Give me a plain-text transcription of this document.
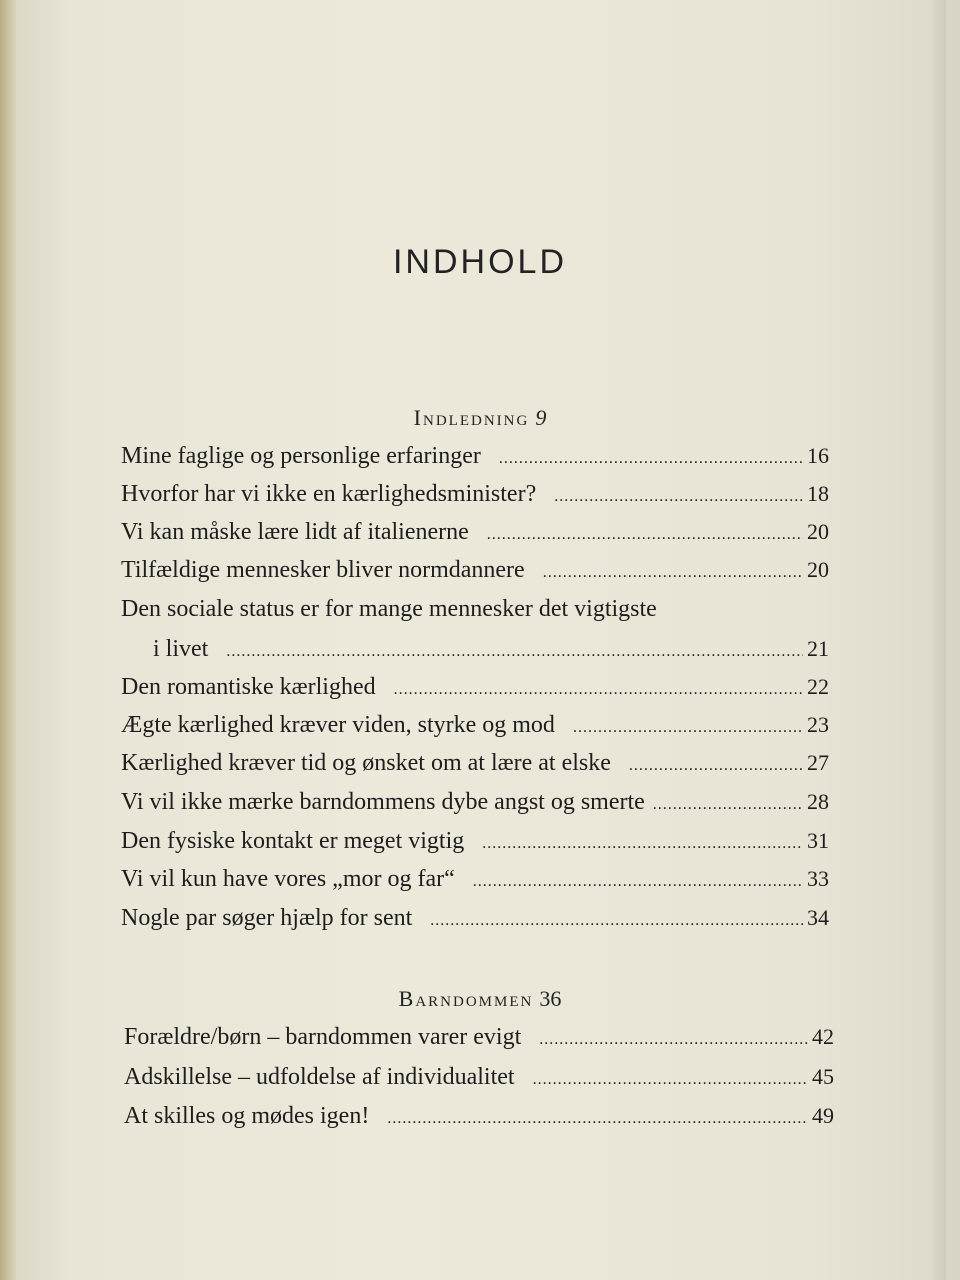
INDHOLD
Indledning 9
Mine faglige og personlige erfaringer .....	16
Hvorfor har vi ikke en kærlighedsminister? .....	18
Vi kan måske lære lidt af italienerne .....	20
Tilfældige mennesker bliver normdannere .....	20
Den sociale status er for mange mennesker det vigtigste
i livet .....	21
Den romantiske kærlighed .....	22
Ægte kærlighed kræver viden, styrke og mod .....	23
Kærlighed kræver tid og ønsket om at lære at elske .....	27
Vi vil ikke mærke barndommens dybe angst og smerte .....	28
Den fysiske kontakt er meget vigtig .....	31
Vi vil kun have vores „mor og far“ .....	33
Nogle par søger hjælp for sent .....	34
Barndommen 36
Forældre/børn – barndommen varer evigt .....	42
Adskillelse – udfoldelse af individualitet .....	45
At skilles og mødes igen! .....	49
